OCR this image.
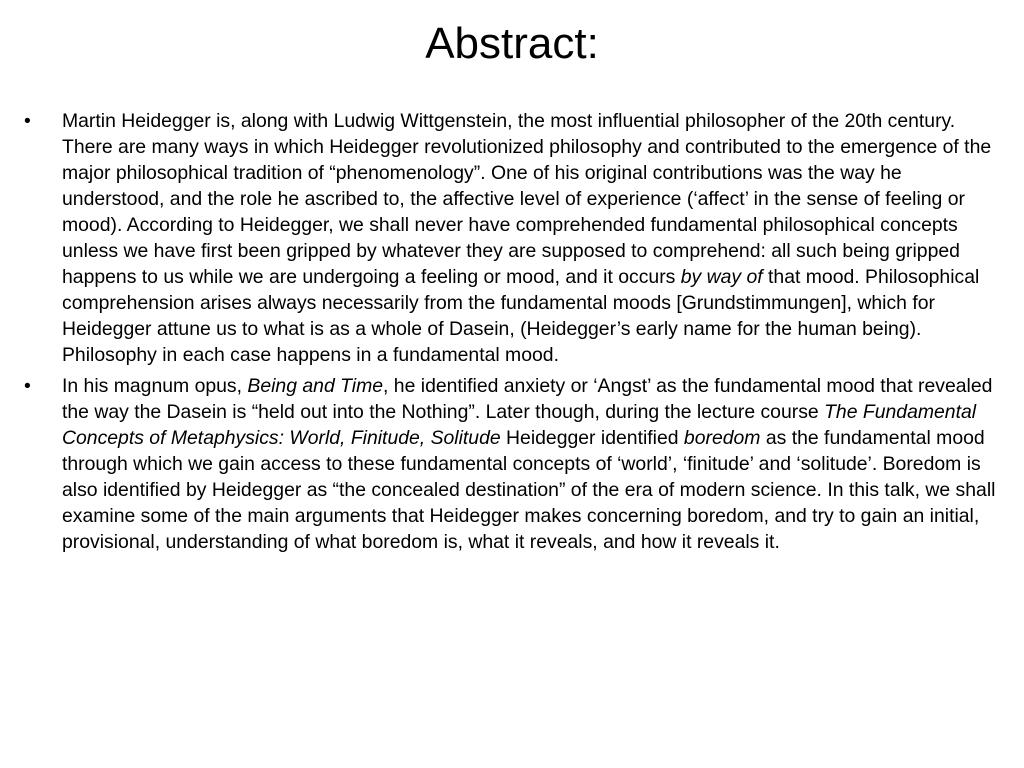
Abstract:
•	Martin Heidegger is, along with Ludwig Wittgenstein, the most influential philosopher of the 20th century. There are many ways in which Heidegger revolutionized philosophy and contributed to the emergence of the major philosophical tradition of “phenomenology”. One of his original contributions was the way he understood, and the role he ascribed to, the affective level of experience (‘affect’ in the sense of feeling or mood). According to Heidegger, we shall never have comprehended fundamental philosophical concepts unless we have first been gripped by whatever they are supposed to comprehend: all such being gripped happens to us while we are undergoing a feeling or mood, and it occurs by way of that mood. Philosophical comprehension arises always necessarily from the fundamental moods [Grundstimmungen], which for Heidegger attune us to what is as a whole of Dasein, (Heidegger’s early name for the human being). Philosophy in each case happens in a fundamental mood.
•	In his magnum opus, Being and Time, he identified anxiety or ‘Angst’ as the fundamental mood that revealed the way the Dasein is “held out into the Nothing”. Later though, during the lecture course The Fundamental Concepts of Metaphysics: World, Finitude, Solitude Heidegger identified boredom as the fundamental mood through which we gain access to these fundamental concepts of ‘world’, ‘finitude’ and ‘solitude’. Boredom is also identified by Heidegger as “the concealed destination” of the era of modern science. In this talk, we shall examine some of the main arguments that Heidegger makes concerning boredom, and try to gain an initial, provisional, understanding of what boredom is, what it reveals, and how it reveals it.
